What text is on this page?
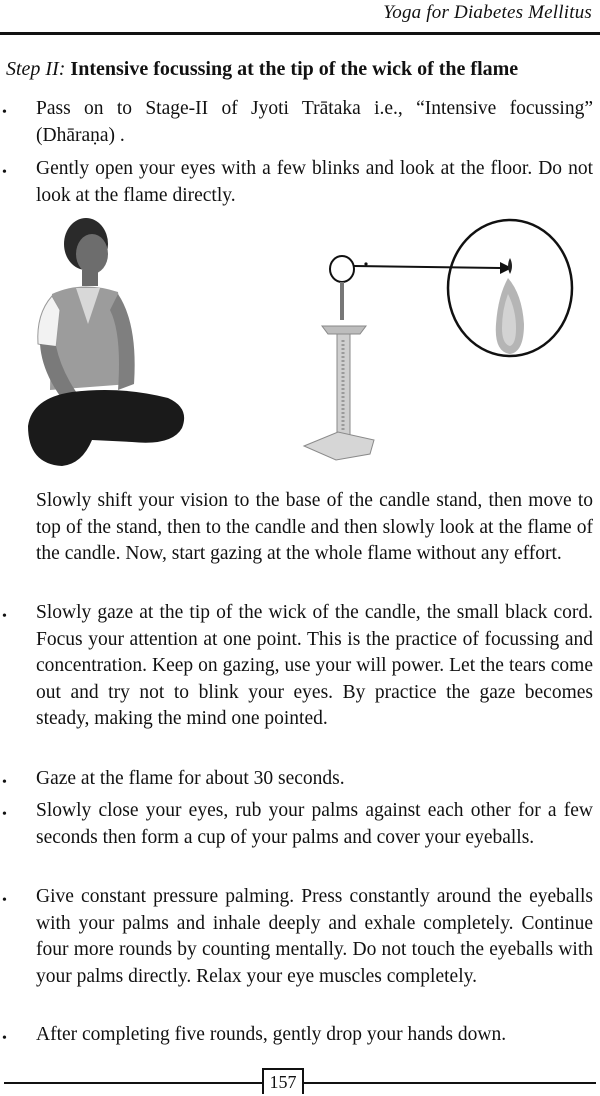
Yoga for Diabetes Mellitus
Step II: Intensive focussing at the tip of the wick of the flame
• Pass on to Stage-II of Jyoti Trātaka i.e., “Intensive focussing” (Dhāraṇa) .

• Gently open your eyes with a few blinks and look at the floor. Do not look at the flame directly.

Slowly shift your vision to the base of the candle stand, then move to top of the stand, then to the candle and then slowly look at the flame of the candle. Now, start gazing at the whole flame without any effort.

• Slowly gaze at the tip of the wick of the candle, the small black cord. Focus your attention at one point. This is the practice of focussing and concentration. Keep on gazing, use your will power. Let the tears come out and try not to blink your eyes. By practice the gaze becomes steady, making the mind one pointed.

• Gaze at the flame for about 30 seconds.

• Slowly close your eyes, rub your palms against each other for a few seconds then form a cup of your palms and cover your eyeballs.

• Give constant pressure palming. Press constantly around the eyeballs with your palms and inhale deeply and exhale completely. Continue four more rounds by counting mentally. Do not touch the eyeballs with your palms directly. Relax your eye muscles completely.

• After completing five rounds, gently drop your hands down.

157
